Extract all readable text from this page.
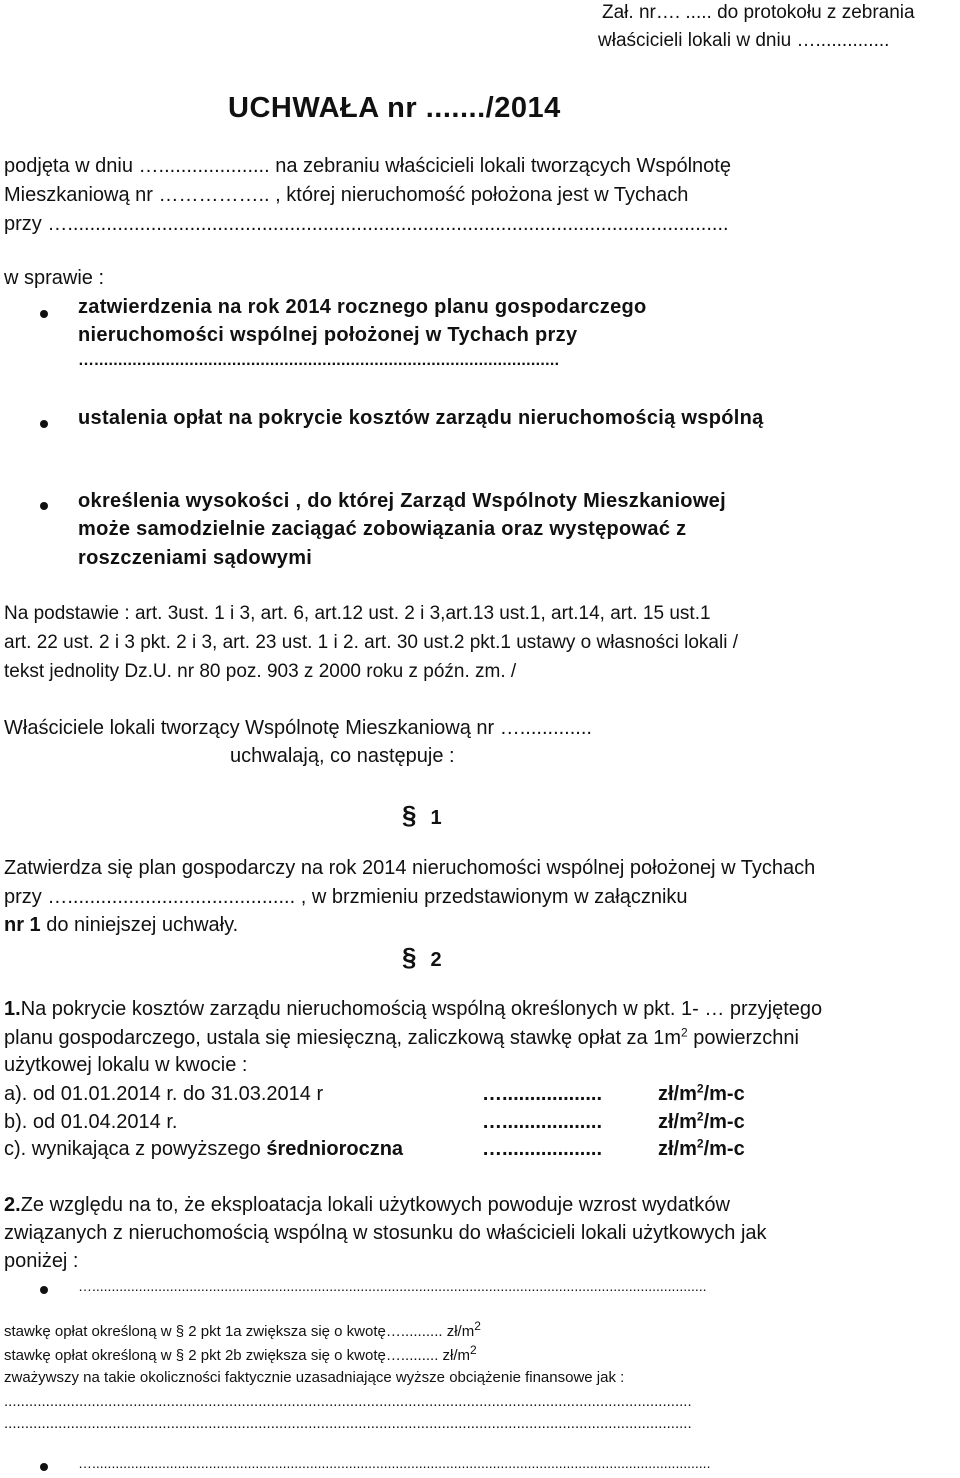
Zał. nr…. ..... do protokołu z zebrania
właścicieli lokali w dniu …..............
UCHWAŁA nr ......./2014
podjęta w dniu ….................... na zebraniu właścicieli lokali tworzących Wspólnotę
Mieszkaniową nr …………….. , której nieruchomość położona jest w Tychach
przy ….......................................................................................................................
w sprawie :
zatwierdzenia na rok 2014 rocznego planu gospodarczego
nieruchomości wspólnej położonej w Tychach przy
…..................................................................................................
ustalenia opłat na pokrycie kosztów zarządu nieruchomością wspólną
określenia wysokości , do której Zarząd Wspólnoty Mieszkaniowej
może samodzielnie zaciągać zobowiązania oraz występować z
roszczeniami sądowymi
Na podstawie : art. 3ust. 1 i 3, art. 6, art.12 ust. 2 i 3,art.13 ust.1, art.14, art. 15 ust.1
art. 22 ust. 2 i 3 pkt. 2 i 3, art. 23 ust. 1 i 2. art. 30 ust.2 pkt.1 ustawy o własności lokali /
tekst jednolity Dz.U. nr 80 poz. 903 z 2000 roku z późn. zm. /
Właściciele lokali tworzący Wspólnotę Mieszkaniową nr ….............
uchwalają, co następuje :
§ 1
Zatwierdza się plan gospodarczy na rok 2014 nieruchomości wspólnej położonej w Tychach
przy …......................................... , w brzmieniu przedstawionym w załączniku
nr 1 do niniejszej uchwały.
§ 2
1.Na pokrycie kosztów zarządu nieruchomością wspólną określonych w pkt. 1- … przyjętego
planu gospodarczego, ustala się miesięczną, zaliczkową stawkę opłat za $1m^2$ powierzchni
użytkowej lokalu w kwocie :
a). od 01.01.2014 r. do 31.03.2014 r	…..................	$zł/m^2/m-c$
b). od 01.04.2014 r.	…..................	$zł/m^2/m-c$
c). wynikająca z powyższego średnioroczna	…..................	$zł/m^2/m-c$
2.Ze względu na to, że eksploatacja lokali użytkowych powoduje wzrost wydatków
związanych z nieruchomością wspólną w stosunku do właścicieli lokali użytkowych jak
poniżej :
…..............................................................................................................................................................
stawkę opłat określoną w § 2 pkt 1a zwiększa się o kwotę….......... $zł/m^2$
stawkę opłat określoną w § 2 pkt 2b zwiększa się o kwotę…......... $zł/m^2$
zważywszy na takie okoliczności faktycznie uzasadniające wyższe obciążenie finansowe jak :
.....................................................................................................................................................................
.....................................................................................................................................................................
…...............................................................................................................................................................
